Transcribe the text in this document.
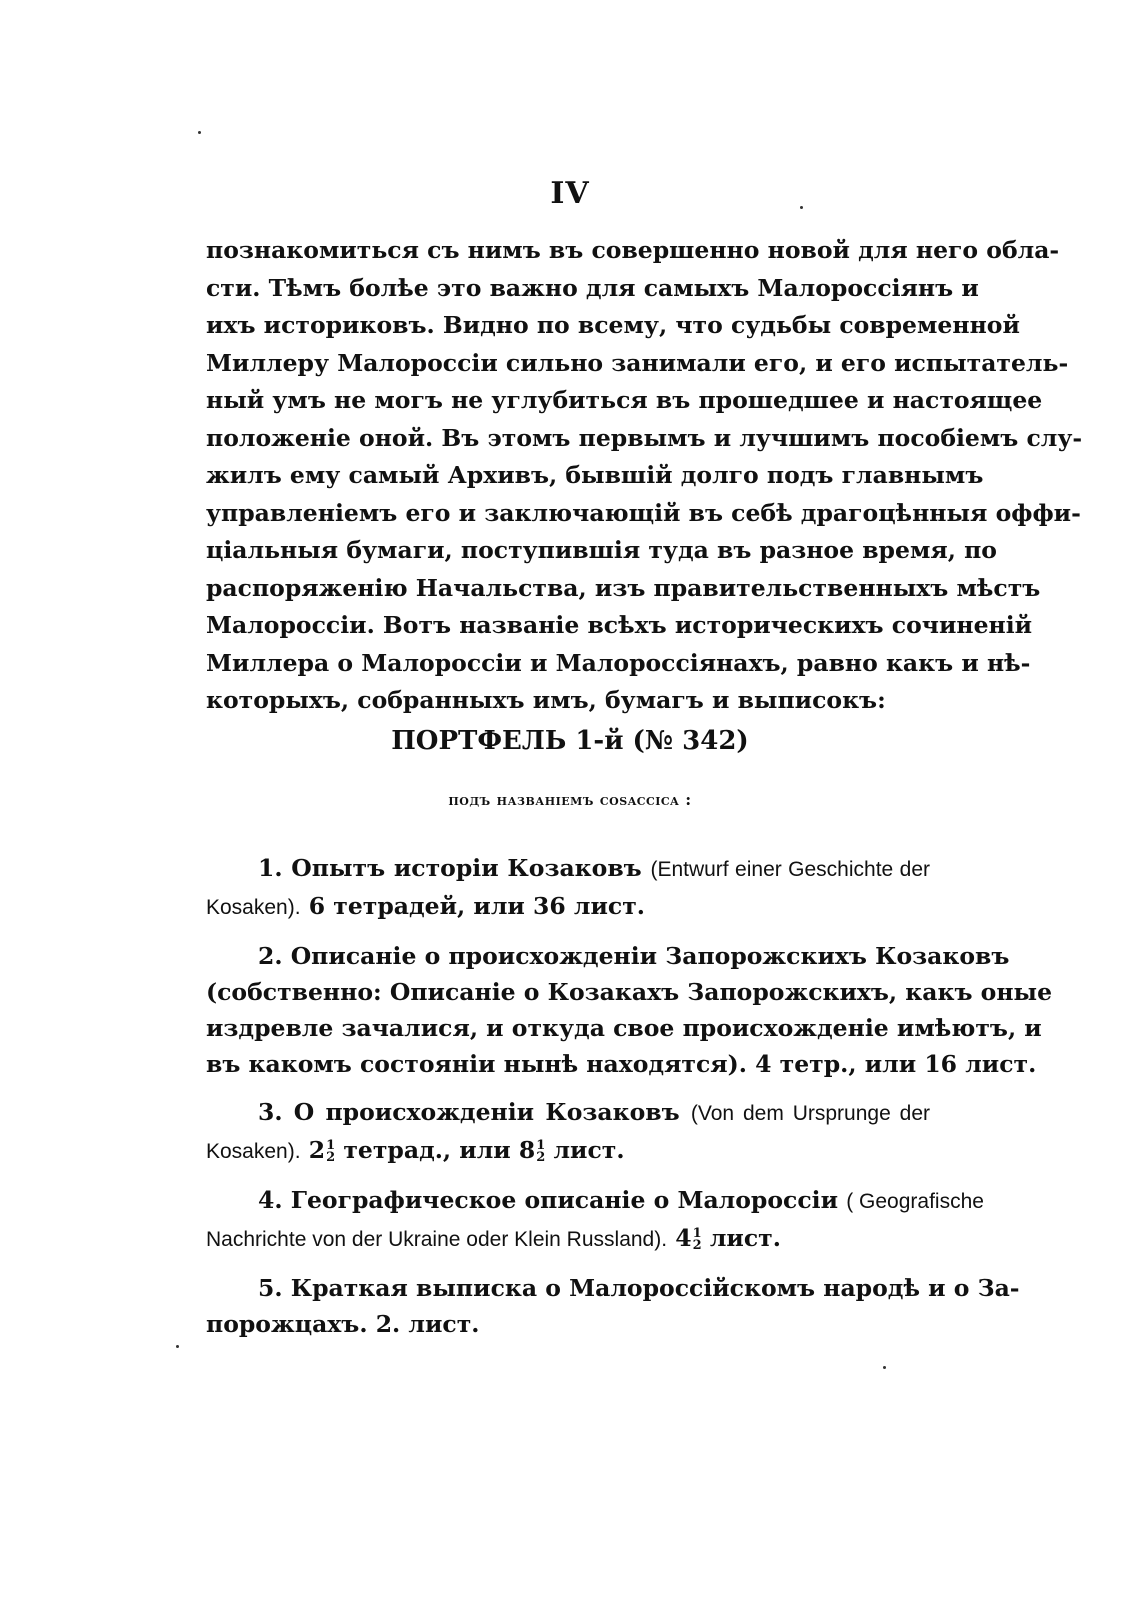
IV
познакомиться съ нимъ въ совершенно новой для него обла-
сти. Тѣмъ болѣе это важно для самыхъ Малороссіянъ и
ихъ историковъ. Видно по всему, что судьбы современной
Миллеру Малороссіи сильно занимали его, и его испытатель-
ный умъ не могъ не углубиться въ прошедшее и настоящее
положеніе оной. Въ этомъ первымъ и лучшимъ пособіемъ слу-
жилъ ему самый Архивъ, бывшій долго подъ главнымъ
управленіемъ его и заключающій въ себѣ драгоцѣнныя оффи-
ціальныя бумаги, поступившія туда въ разное время, по
распоряженію Начальства, изъ правительственныхъ мѣстъ
Малороссіи. Вотъ названіе всѣхъ историческихъ сочиненій
Миллера о Малороссіи и Малороссіянахъ, равно какъ и нѣ-
которыхъ, собранныхъ имъ, бумагъ и выписокъ:
ПОРТФЕЛЬ 1-й (№ 342)
подъ названіемъ cosaccica :
1. Опытъ исторіи Козаковъ (Entwurf einer Geschichte der
Kosaken). 6 тетрадей, или 36 лист.
2. Описаніе о происхожденіи Запорожскихъ Козаковъ
(собственно: Описаніе о Козакахъ Запорожскихъ, какъ оные
издревле зачалися, и откуда свое происхожденіе имѣютъ, и
въ какомъ состояніи нынѣ находятся). 4 тетр., или 16 лист.
3. О происхожденіи Козаковъ (Von dem Ursprunge der
Kosaken). 2 1
2 тетрад., или 8 1
2 лист.
4. Географическое описаніе о Малороссіи ( Geografische
Nachrichte von der Ukraine oder Klein Russland). 4 1
2 лист.
5. Краткая выписка о Малороссійскомъ народѣ и о За-
порожцахъ. 2. лист.
